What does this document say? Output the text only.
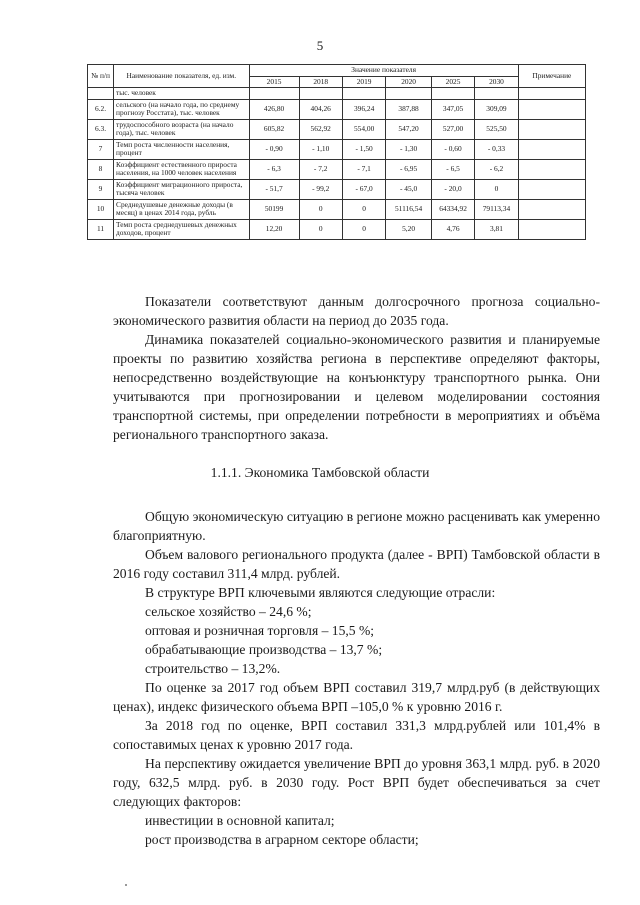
5
№ п/п	Наименование показателя, ед. изм.	Значение показателя						Примечание
		2015	2018	2019	2020	2025	2030	
	тыс. человек							
6.2.	сельского (на начало года, по среднему прогнозу Росстата), тыс. человек	426,80	404,26	396,24	387,88	347,05	309,09	
6.3.	трудоспособного возраста (на начало года), тыс. человек	605,82	562,92	554,00	547,20	527,00	525,50	
7	Темп роста численности населения, процент	- 0,90	- 1,10	- 1,50	- 1,30	- 0,60	- 0,33	
8	Коэффициент естественного прироста населения, на 1000 человек населения	- 6,3	- 7,2	- 7,1	- 6,95	- 6,5	- 6,2	
9	Коэффициент миграционного прироста, тысяча человек	- 51,7	- 99,2	- 67,0	- 45,0	- 20,0	0	
10	Среднедушевые денежные доходы (в месяц) в ценах 2014 года, рубль	50199	0	0	51116,54	64334,92	79113,34	
11	Темп роста среднедушевых денежных доходов, процент	12,20	0	0	5,20	4,76	3,81	

Показатели соответствуют данным долгосрочного прогноза социально-экономического развития области на период до 2035 года.

Динамика показателей социально-экономического развития и планируемые проекты по развитию хозяйства региона в перспективе определяют факторы, непосредственно воздействующие на конъюнктуру транспортного рынка. Они учитываются при прогнозировании и целевом моделировании состояния транспортной системы, при определении потребности в мероприятиях и объёма регионального транспортного заказа.

1.1.1. Экономика Тамбовской области

Общую экономическую ситуацию в регионе можно расценивать как умеренно благоприятную.

Объем валового регионального продукта (далее - ВРП) Тамбовской области в 2016 году составил 311,4 млрд. рублей.

В структуре ВРП ключевыми являются следующие отрасли:

сельское хозяйство – 24,6 %;

оптовая и розничная торговля – 15,5 %;

обрабатывающие производства – 13,7 %;

строительство – 13,2%.

По оценке за 2017 год объем ВРП составил 319,7 млрд.руб (в действующих ценах), индекс физического объема ВРП –105,0 % к уровню 2016 г.

За 2018 год по оценке, ВРП составил 331,3 млрд.рублей или 101,4% в сопоставимых ценах к уровню 2017 года.

На перспективу ожидается увеличение ВРП до уровня 363,1 млрд. руб. в 2020 году, 632,5 млрд. руб. в 2030 году. Рост ВРП будет обеспечиваться за счет следующих факторов:

инвестиции в основной капитал;

рост производства в аграрном секторе области;
